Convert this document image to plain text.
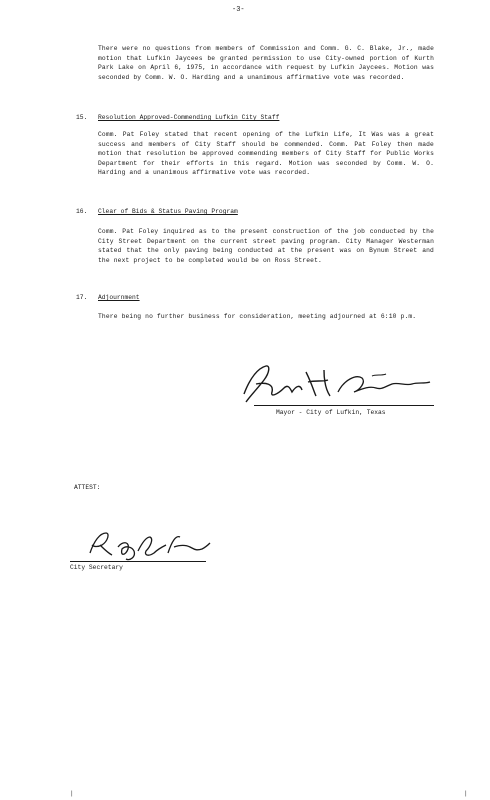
-3-
There were no questions from members of Commission and Comm. G. C. Blake, Jr., made motion that Lufkin Jaycees be granted permission to use City-owned portion of Kurth Park Lake on April 6, 1975, in accordance with request by Lufkin Jaycees. Motion was seconded by Comm. W. O. Harding and a unanimous affirmative vote was recorded.
15. Resolution Approved-Commending Lufkin City Staff
Comm. Pat Foley stated that recent opening of the Lufkin Life, It Was was a great success and members of City Staff should be commended. Comm. Pat Foley then made motion that resolution be approved commending members of City Staff for Public Works Department for their efforts in this regard. Motion was seconded by Comm. W. O. Harding and a unanimous affirmative vote was recorded.
16. Clear of Bids & Status Paving Program
Comm. Pat Foley inquired as to the present construction of the job conducted by the City Street Department on the current street paving program. City Manager Westerman stated that the only paving being conducted at the present was on Bynum Street and the next project to be completed would be on Ross Street.
17. Adjournment
There being no further business for consideration, meeting adjourned at 6:10 p.m.
Mayor - City of Lufkin, Texas
ATTEST:
City Secretary
|	|
